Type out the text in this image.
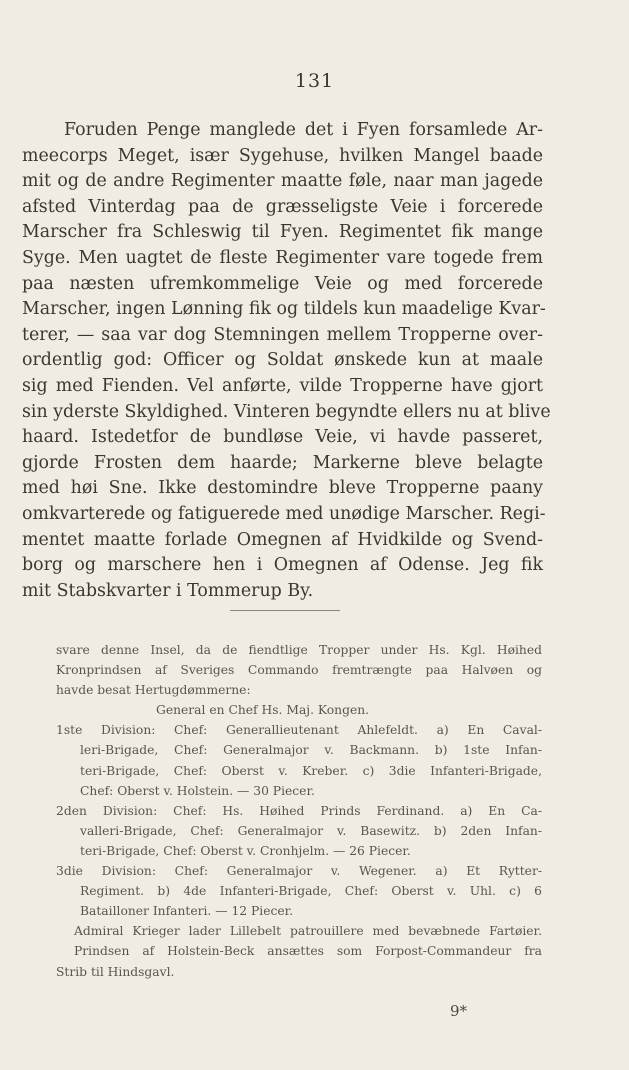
131
Foruden Penge manglede det i Fyen forsamlede Ar-
meecorps Meget, især Sygehuse, hvilken Mangel baade
mit og de andre Regimenter maatte føle, naar man jagede
afsted Vinterdag paa de græsseligste Veie i forcerede
Marscher fra Schleswig til Fyen. Regimentet fik mange
Syge. Men uagtet de fleste Regimenter vare togede frem
paa næsten ufremkommelige Veie og med forcerede
Marscher, ingen Lønning fik og tildels kun maadelige Kvar-
terer, — saa var dog Stemningen mellem Tropperne over-
ordentlig god: Officer og Soldat ønskede kun at maale
sig med Fienden. Vel anførte, vilde Tropperne have gjort
sin yderste Skyldighed. Vinteren begyndte ellers nu at blive
haard. Istedetfor de bundløse Veie, vi havde passeret,
gjorde Frosten dem haarde; Markerne bleve belagte
med høi Sne. Ikke destomindre bleve Tropperne paany
omkvarterede og fatiguerede med unødige Marscher. Regi-
mentet maatte forlade Omegnen af Hvidkilde og Svend-
borg og marschere hen i Omegnen af Odense. Jeg fik
mit Stabskvarter i Tommerup By.
svare denne Insel, da de fiendtlige Tropper under Hs. Kgl. Høihed
Kronprindsen af Sveriges Commando fremtrængte paa Halvøen og
havde besat Hertugdømmerne:
General en Chef Hs. Maj. Kongen.
1ste Division: Chef: Generallieutenant Ahlefeldt. a) En Caval-
leri-Brigade, Chef: Generalmajor v. Backmann. b) 1ste Infan-
teri-Brigade, Chef: Oberst v. Kreber. c) 3die Infanteri-Brigade,
Chef: Oberst v. Holstein. — 30 Piecer.
2den Division: Chef: Hs. Høihed Prinds Ferdinand. a) En Ca-
valleri-Brigade, Chef: Generalmajor v. Basewitz. b) 2den Infan-
teri-Brigade, Chef: Oberst v. Cronhjelm. — 26 Piecer.
3die Division: Chef: Generalmajor v. Wegener. a) Et Rytter-
Regiment. b) 4de Infanteri-Brigade, Chef: Oberst v. Uhl. c) 6
Bataillоner Infanteri. — 12 Piecer.
Admiral Krieger lader Lillebelt patrouillere med bevæbnede Fartøier.
Prindsen af Holstein-Beck ansættes som Forpost-Commandeur fra
Strib til Hindsgavl.
9*
